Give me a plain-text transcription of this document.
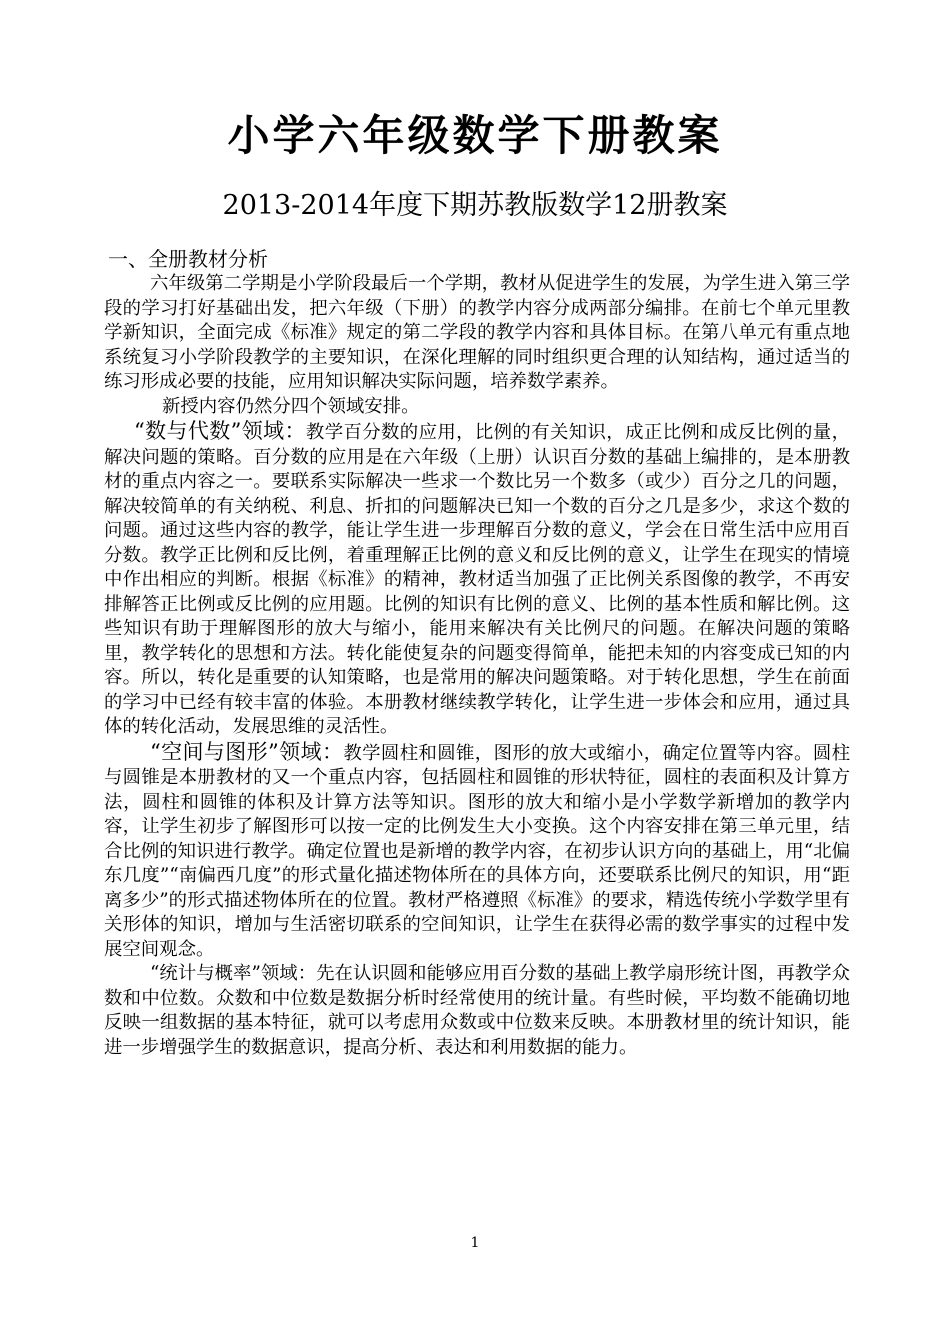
小学六年级数学下册教案
2013-2014年度下期苏教版数学12册教案

一、全册教材分析

六年级第二学期是小学阶段最后一个学期，教材从促进学生的发展，为学生进入第三学段的学习打好基础出发，把六年级（下册）的教学内容分成两部分编排。在前七个单元里教学新知识，全面完成《标准》规定的第二学段的教学内容和具体目标。在第八单元有重点地系统复习小学阶段教学的主要知识，在深化理解的同时组织更合理的认知结构，通过适当的练习形成必要的技能，应用知识解决实际问题，培养数学素养。

新授内容仍然分四个领域安排。

“数与代数”领域：教学百分数的应用，比例的有关知识，成正比例和成反比例的量，解决问题的策略。百分数的应用是在六年级（上册）认识百分数的基础上编排的，是本册教材的重点内容之一。要联系实际解决一些求一个数比另一个数多（或少）百分之几的问题，解决较简单的有关纳税、利息、折扣的问题解决已知一个数的百分之几是多少，求这个数的问题。通过这些内容的教学，能让学生进一步理解百分数的意义，学会在日常生活中应用百分数。教学正比例和反比例，着重理解正比例的意义和反比例的意义，让学生在现实的情境中作出相应的判断。根据《标准》的精神，教材适当加强了正比例关系图像的教学，不再安排解答正比例或反比例的应用题。比例的知识有比例的意义、比例的基本性质和解比例。这些知识有助于理解图形的放大与缩小，能用来解决有关比例尺的问题。在解决问题的策略里，教学转化的思想和方法。转化能使复杂的问题变得简单，能把未知的内容变成已知的内容。所以，转化是重要的认知策略，也是常用的解决问题策略。对于转化思想，学生在前面的学习中已经有较丰富的体验。本册教材继续教学转化，让学生进一步体会和应用，通过具体的转化活动，发展思维的灵活性。

“空间与图形”领域：教学圆柱和圆锥，图形的放大或缩小，确定位置等内容。圆柱与圆锥是本册教材的又一个重点内容，包括圆柱和圆锥的形状特征，圆柱的表面积及计算方法，圆柱和圆锥的体积及计算方法等知识。图形的放大和缩小是小学数学新增加的教学内容，让学生初步了解图形可以按一定的比例发生大小变换。这个内容安排在第三单元里，结合比例的知识进行教学。确定位置也是新增的教学内容，在初步认识方向的基础上，用“北偏东几度”“南偏西几度”的形式量化描述物体所在的具体方向，还要联系比例尺的知识，用“距离多少”的形式描述物体所在的位置。教材严格遵照《标准》的要求，精选传统小学数学里有关形体的知识，增加与生活密切联系的空间知识，让学生在获得必需的数学事实的过程中发展空间观念。

“统计与概率”领域：先在认识圆和能够应用百分数的基础上教学扇形统计图，再教学众数和中位数。众数和中位数是数据分析时经常使用的统计量。有些时候，平均数不能确切地反映一组数据的基本特征，就可以考虑用众数或中位数来反映。本册教材里的统计知识，能进一步增强学生的数据意识，提高分析、表达和利用数据的能力。

1
